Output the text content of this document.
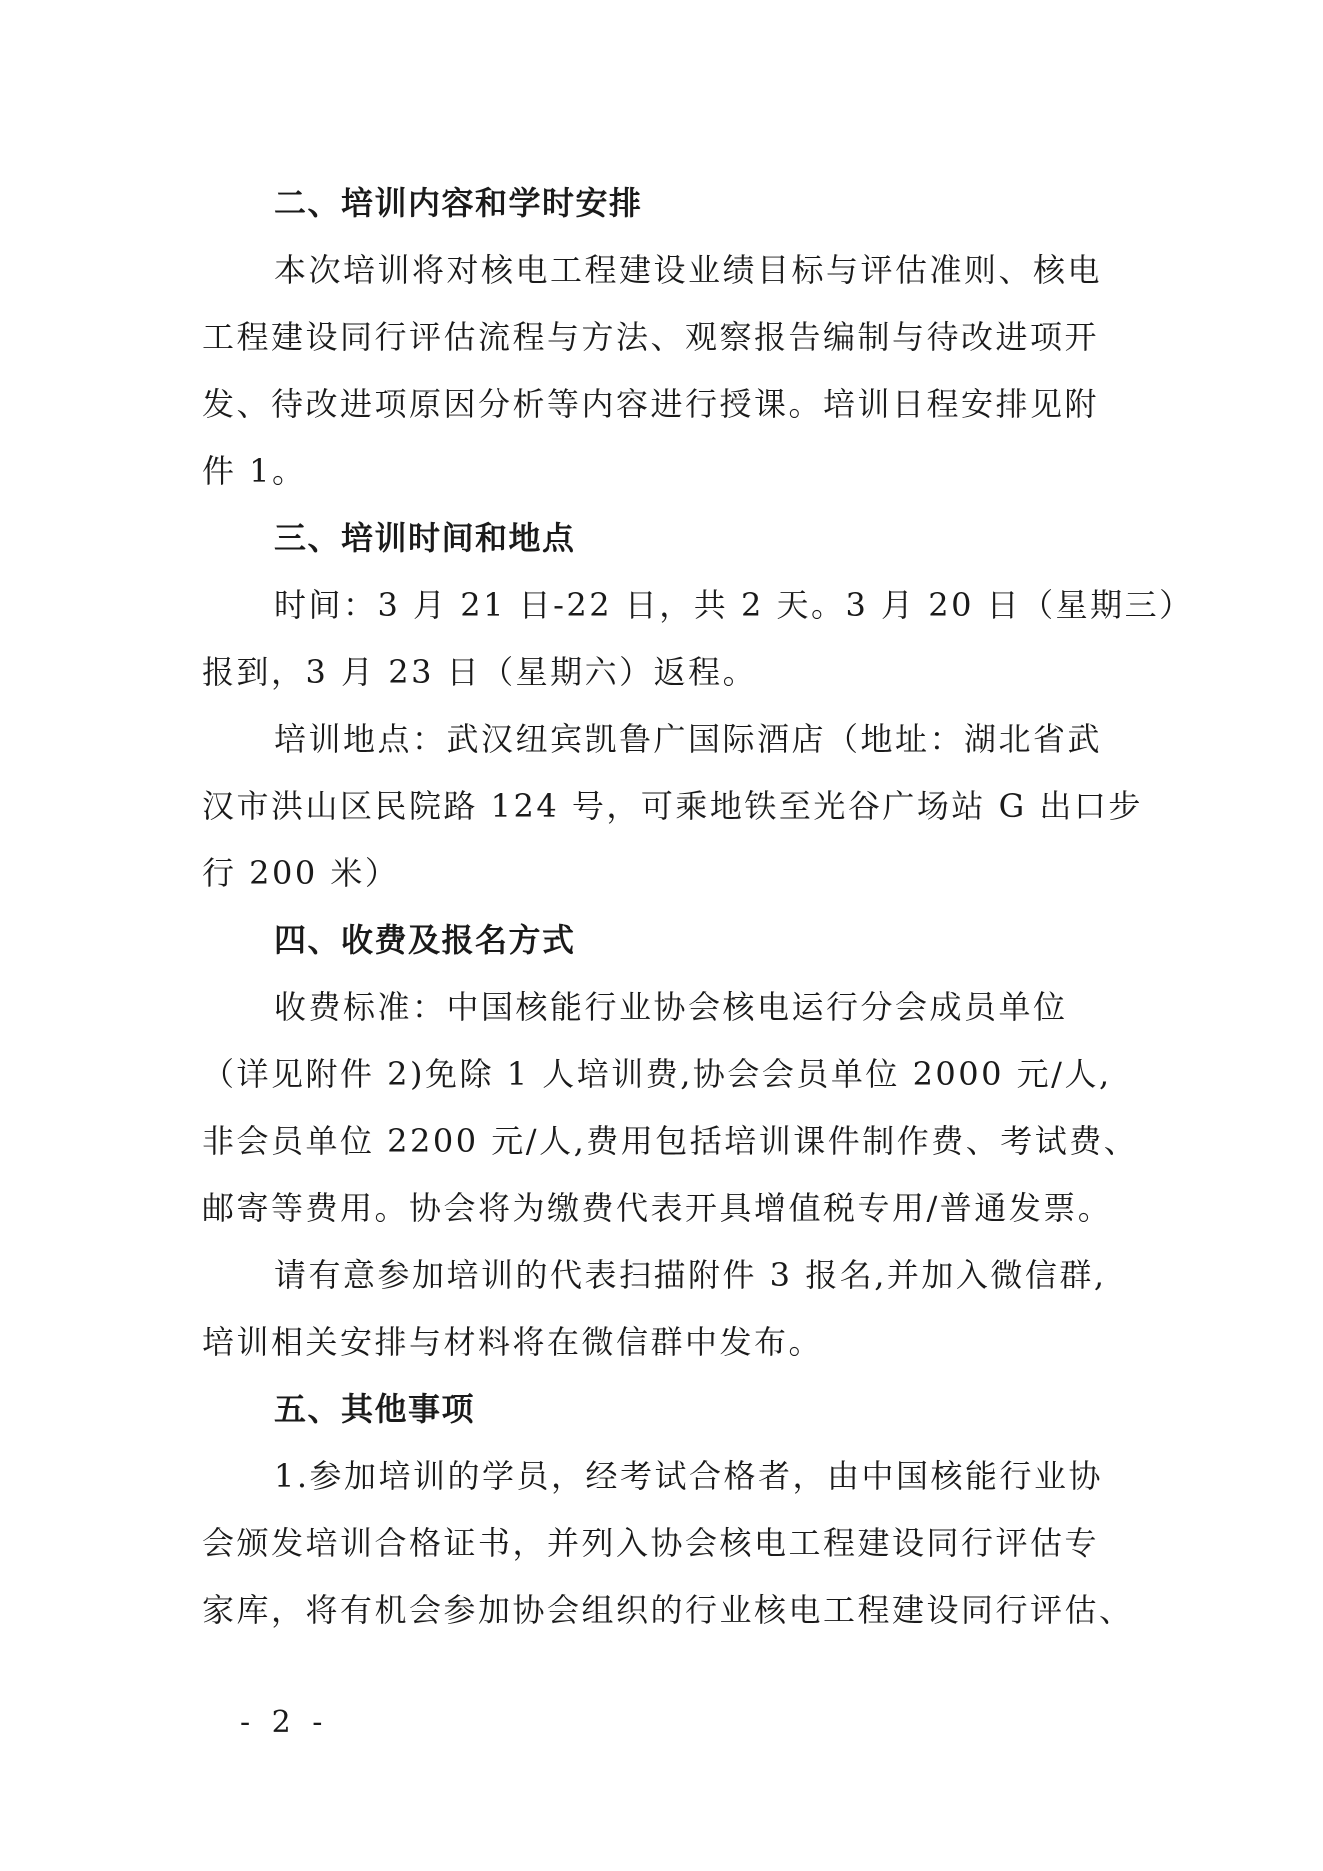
二、培训内容和学时安排
本次培训将对核电工程建设业绩目标与评估准则、核电
工程建设同行评估流程与方法、观察报告编制与待改进项开
发、待改进项原因分析等内容进行授课。培训日程安排见附
件 1。
三、培训时间和地点
时间：3 月 21 日-22 日，共 2 天。3 月 20 日（星期三）
报到，3 月 23 日（星期六）返程。
培训地点：武汉纽宾凯鲁广国际酒店（地址：湖北省武
汉市洪山区民院路 124 号，可乘地铁至光谷广场站 G 出口步
行 200 米）
四、收费及报名方式
收费标准：中国核能行业协会核电运行分会成员单位
（详见附件 2)免除 1 人培训费,协会会员单位 2000 元/人,
非会员单位 2200 元/人,费用包括培训课件制作费、考试费、
邮寄等费用。协会将为缴费代表开具增值税专用/普通发票。
请有意参加培训的代表扫描附件 3 报名,并加入微信群,
培训相关安排与材料将在微信群中发布。
五、其他事项
1.参加培训的学员，经考试合格者，由中国核能行业协
会颁发培训合格证书，并列入协会核电工程建设同行评估专
家库，将有机会参加协会组织的行业核电工程建设同行评估、
- 2 -
